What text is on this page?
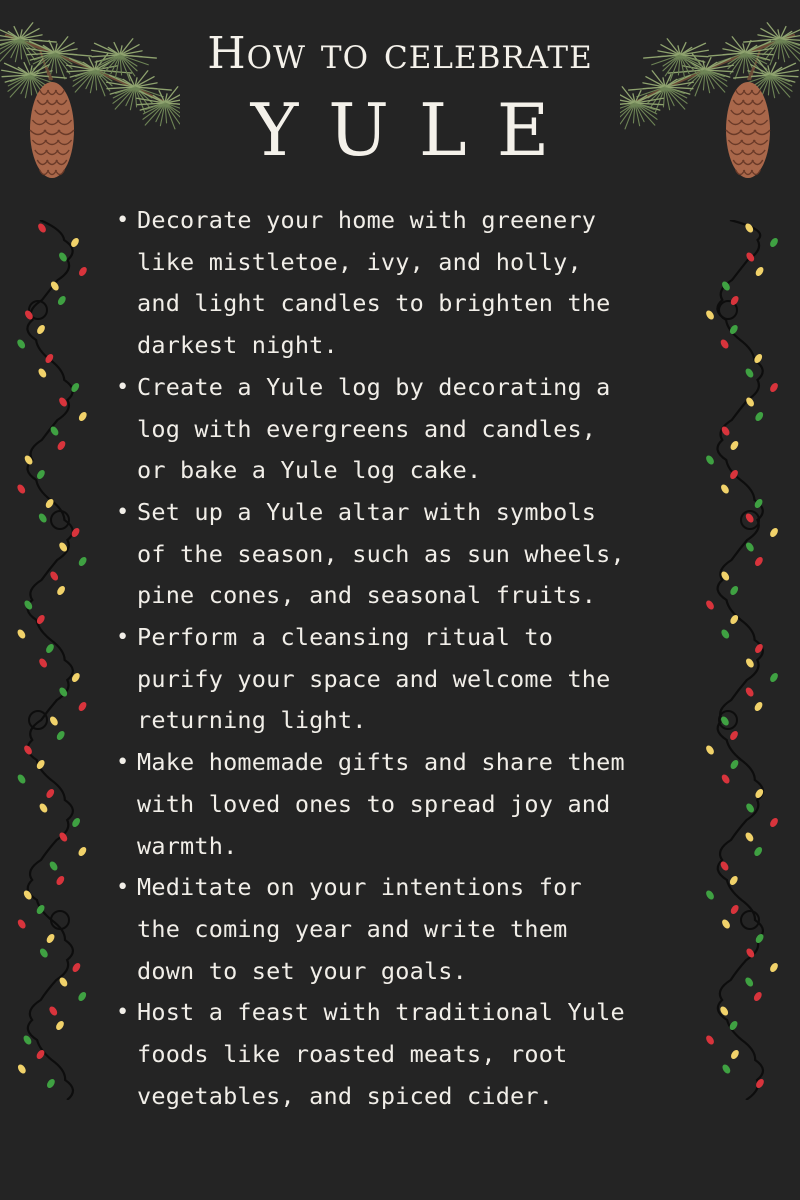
How to celebrate
YULE
• Decorate your home with greenery
like mistletoe, ivy, and holly,
and light candles to brighten the
darkest night.
• Create a Yule log by decorating a
log with evergreens and candles,
or bake a Yule log cake.
• Set up a Yule altar with symbols
of the season, such as sun wheels,
pine cones, and seasonal fruits.
• Perform a cleansing ritual to
purify your space and welcome the
returning light.
• Make homemade gifts and share them
with loved ones to spread joy and
warmth.
• Meditate on your intentions for
the coming year and write them
down to set your goals.
• Host a feast with traditional Yule
foods like roasted meats, root
vegetables, and spiced cider.
